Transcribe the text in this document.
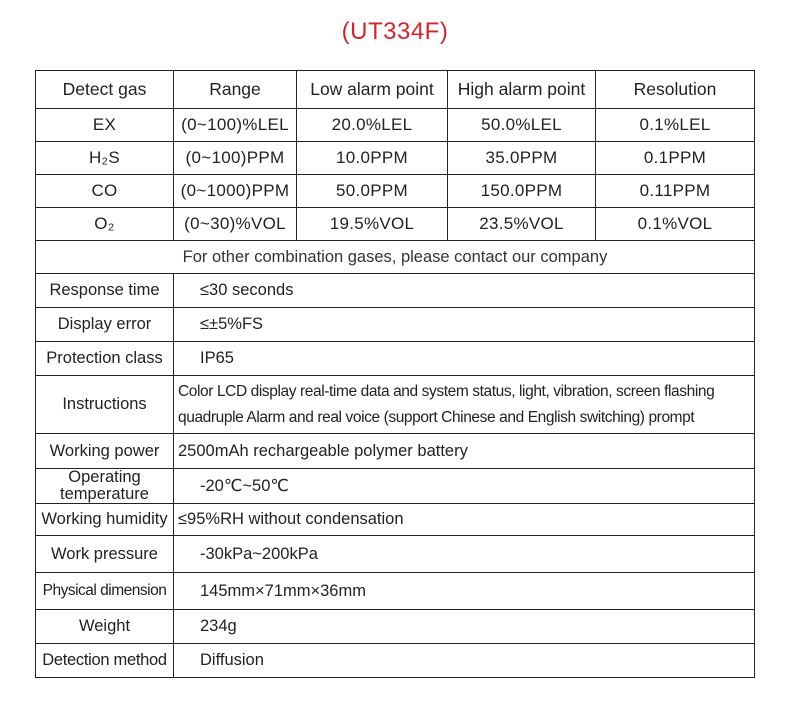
(UT334F)
Detect gas	Range	Low alarm point	High alarm point	Resolution
EX	(0~100)%LEL	20.0%LEL	50.0%LEL	0.1%LEL
H₂S	(0~100)PPM	10.0PPM	35.0PPM	0.1PPM
CO	(0~1000)PPM	50.0PPM	150.0PPM	0.11PPM
O₂	(0~30)%VOL	19.5%VOL	23.5%VOL	0.1%VOL
For other combination gases, please contact our company				
Response time	≤30 seconds
Display error	≤±5%FS
Protection class	IP65
Instructions	Color LCD display real-time data and system status, light, vibration, screen flashing
quadruple Alarm and real voice (support Chinese and English switching) prompt

Working power	2500mAh rechargeable polymer battery
Operating temperature	-20℃~50℃
Working humidity	≤95%RH without condensation
Work pressure	-30kPa~200kPa
Physical dimension	145mm×71mm×36mm
Weight	234g
Detection method	Diffusion
